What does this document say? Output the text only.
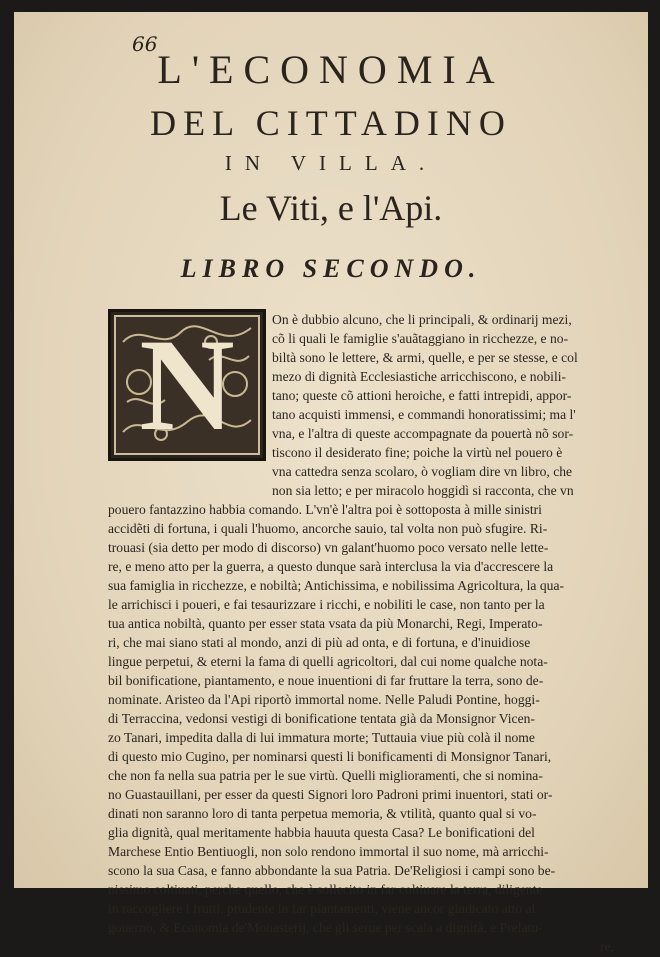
66
L'ECONOMIA
DEL CITTADINO
IN VILLA.
Le Viti, e l'Api.
LIBRO SECONDO.
N	On è dubbio alcuno, che li principali, & ordinarij mezi,
cõ li quali le famiglie s'auãtaggiano in ricchezze, e no-
biltà sono le lettere, & armi, quelle, e per se stesse, e col
mezo di dignità Ecclesiastiche arricchiscono, e nobili-
tano; queste cõ attioni heroiche, e fatti intrepidi, appor-
tano acquisti immensi, e commandi honoratissimi; ma l'
vna, e l'altra di queste accompagnate da pouertà nõ sor-
tiscono il desiderato fine; poiche la virtù nel pouero è
vna cattedra senza scolaro, ò vogliam dire vn libro, che
non sia letto; e per miracolo hoggidì si racconta, che vn
pouero fantazzino habbia comando. L'vn'è l'altra poi è sottoposta à mille sinistri
accidẽti di fortuna, i quali l'huomo, ancorche sauio, tal volta non può sfugire. Ri-
trouasi (sia detto per modo di discorso) vn galant'huomo poco versato nelle lette-
re, e meno atto per la guerra, a questo dunque sarà interclusa la via d'accrescere la
sua famiglia in ricchezze, e nobiltà; Antichissima, e nobilissima Agricoltura, la qua-
le arrichisci i poueri, e fai tesaurizzare i ricchi, e nobiliti le case, non tanto per la
tua antica nobiltà, quanto per esser stata vsata da più Monarchi, Regi, Imperato-
ri, che mai siano stati al mondo, anzi di più ad onta, e di fortuna, e d'inuidiose
lingue perpetui, & eterni la fama di quelli agricoltori, dal cui nome qualche nota-
bil bonificatione, piantamento, e noue inuentioni di far fruttare la terra, sono de-
nominate. Aristeo da l'Api riportò immortal nome. Nelle Paludi Pontine, hoggi-
di Terraccina, vedonsi vestigi di bonificatione tentata già da Monsignor Vicen-
zo Tanari, impedita dalla di lui immatura morte; Tuttauia viue più colà il nome
di questo mio Cugino, per nominarsi questi li bonificamenti di Monsignor Tanari,
che non fa nella sua patria per le sue virtù. Quelli miglioramenti, che si nomina-
no Guastauillani, per esser da questi Signori loro Padroni primi inuentori, stati or-
dinati non saranno loro di tanta perpetua memoria, & vtilità, quanto qual si vo-
glia dignità, qual meritamente habbia hauuta questa Casa? Le bonificationi del
Marchese Entio Bentiuogli, non solo rendono immortal il suo nome, mà arricchi-
scono la sua Casa, e fanno abbondante la sua Patria. De'Religiosi i campi sono be-
nissimo coltiuati, perche quello, che è sollecito in far coltiuare la terra, diligente
in raccogliere i frutti, prudente in far piantamenti, viene ancor giudicato atto al
gouerno, & Economia de'Monasterij, che gli serue per scala a dignità, e Prelatu-
re,
